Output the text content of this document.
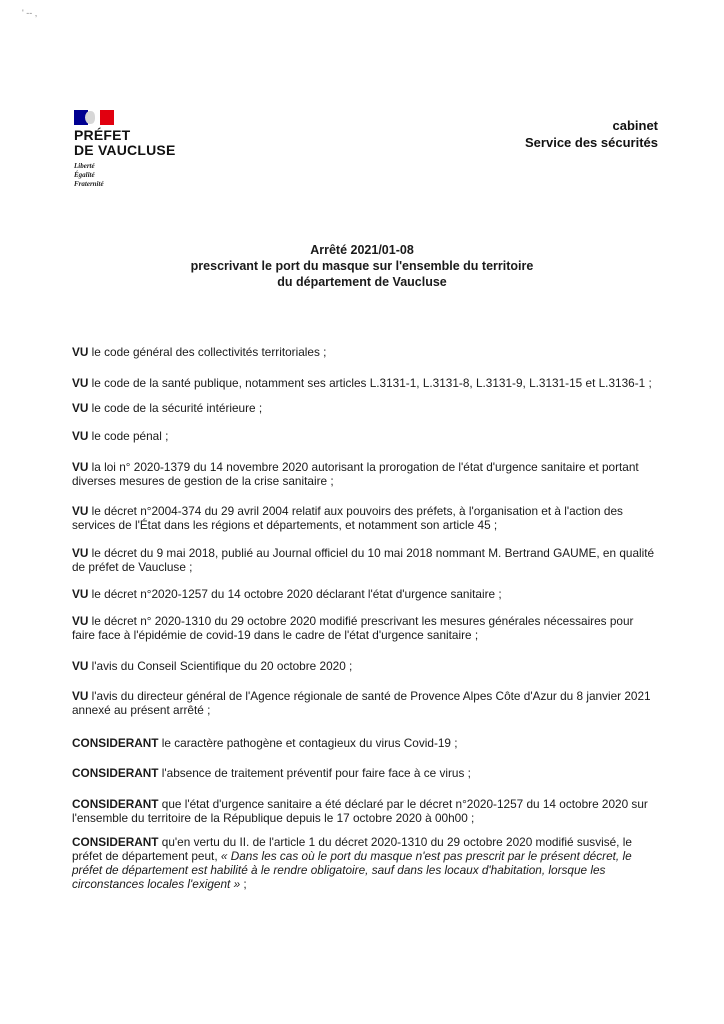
' -- ,
PRÉFET
DE VAUCLUSE
Liberté
Égalité
Fraternité
cabinet
Service des sécurités
Arrêté 2021/01-08
prescrivant le port du masque sur l'ensemble du territoire
du département de Vaucluse

VU le code général des collectivités territoriales ;

VU le code de la santé publique, notamment ses articles L.3131-1, L.3131-8, L.3131-9, L.3131-15 et L.3136-1 ;

VU le code de la sécurité intérieure ;

VU le code pénal ;

VU la loi n° 2020-1379 du 14 novembre 2020 autorisant la prorogation de l'état d'urgence sanitaire et portant diverses mesures de gestion de la crise sanitaire ;

VU le décret n°2004-374 du 29 avril 2004 relatif aux pouvoirs des préfets, à l'organisation et à l'action des services de l'État dans les régions et départements, et notamment son article 45 ;

VU le décret du 9 mai 2018, publié au Journal officiel du 10 mai 2018 nommant M. Bertrand GAUME, en qualité de préfet de Vaucluse ;

VU le décret n°2020-1257 du 14 octobre 2020 déclarant l'état d'urgence sanitaire ;

VU le décret n° 2020-1310 du 29 octobre 2020 modifié prescrivant les mesures générales nécessaires pour faire face à l'épidémie de covid-19 dans le cadre de l'état d'urgence sanitaire ;

VU l'avis du Conseil Scientifique du 20 octobre 2020 ;

VU l'avis du directeur général de l'Agence régionale de santé de Provence Alpes Côte d'Azur du 8 janvier 2021 annexé au présent arrêté ;

CONSIDERANT le caractère pathogène et contagieux du virus Covid-19 ;

CONSIDERANT l'absence de traitement préventif pour faire face à ce virus ;

CONSIDERANT que l'état d'urgence sanitaire a été déclaré par le décret n°2020-1257 du 14 octobre 2020 sur l'ensemble du territoire de la République depuis le 17 octobre 2020 à 00h00 ;

CONSIDERANT qu'en vertu du II. de l'article 1 du décret 2020-1310 du 29 octobre 2020 modifié susvisé, le préfet de département peut, « Dans les cas où le port du masque n'est pas prescrit par le présent décret, le préfet de département est habilité à le rendre obligatoire, sauf dans les locaux d'habitation, lorsque les circonstances locales l'exigent » ;
